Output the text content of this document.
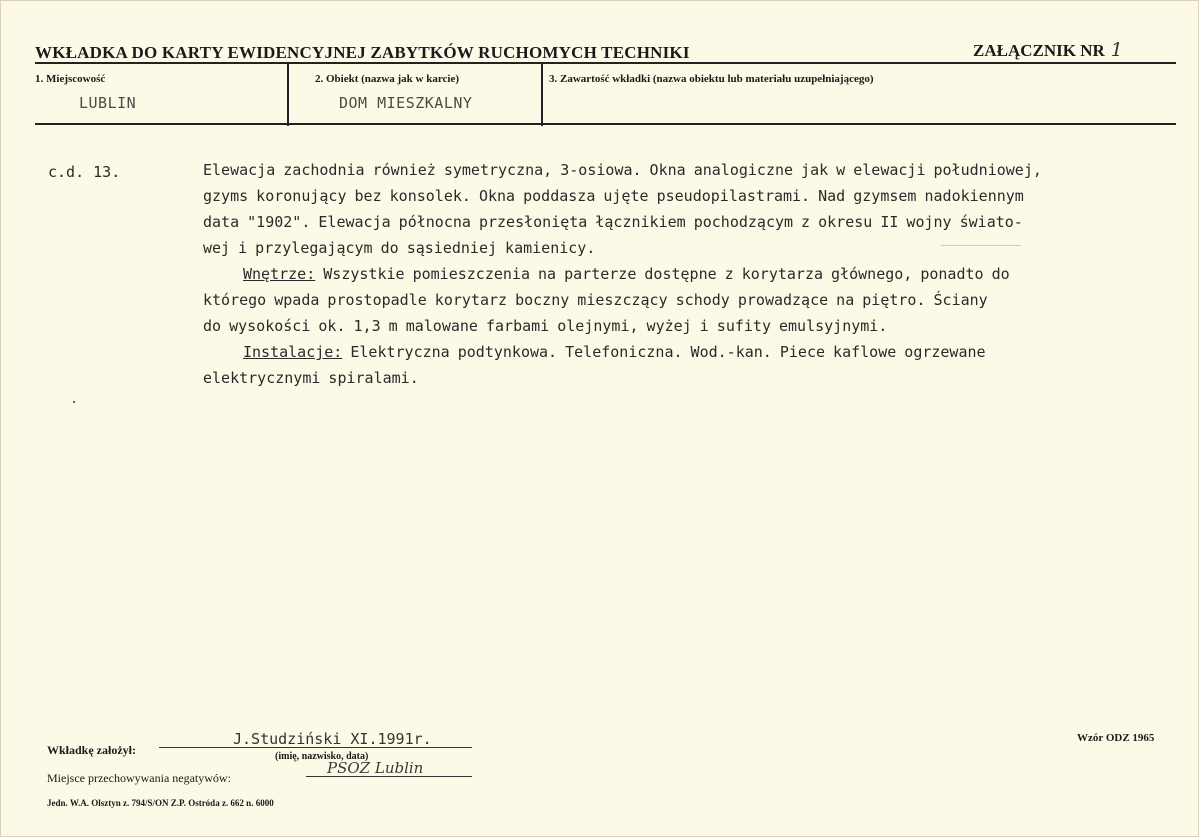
WKŁADKA DO KARTY EWIDENCYJNEJ ZABYTKÓW RUCHOMYCH TECHNIKI	ZAŁĄCZNIK NR 1
1. Miejscowość
LUBLIN
2. Obiekt (nazwa jak w karcie)
DOM MIESZKALNY
3. Zawartość wkładki (nazwa obiektu lub materiału uzupełniającego)
c.d. 13.	Elewacja zachodnia również symetryczna, 3-osiowa. Okna analogiczne jak w elewacji południowej,

gzyms koronujący bez konsolek. Okna poddasza ujęte pseudopilastrami. Nad gzymsem nadokiennym

data "1902". Elewacja północna przesłonięta łącznikiem pochodzącym z okresu II wojny świato-

wej i przylegającym do sąsiedniej kamienicy.

Wnętrze: Wszystkie pomieszczenia na parterze dostępne z korytarza głównego, ponadto do

którego wpada prostopadle korytarz boczny mieszczący schody prowadzące na piętro. Ściany

do wysokości ok. 1,3 m malowane farbami olejnymi, wyżej i sufity emulsyjnymi.

Instalacje: Elektryczna podtynkowa. Telefoniczna. Wod.-kan. Piece kaflowe ogrzewane

elektrycznymi spiralami.

Wkładkę założył:
J.Studziński XI.1991r.
(imię, nazwisko, data)
Miejsce przechowywania negatywów:
PSOZ Lublin
Jedn. W.A. Olsztyn z. 794/S/ON Z.P. Ostróda z. 662 n. 6000
Wzór ODZ 1965
